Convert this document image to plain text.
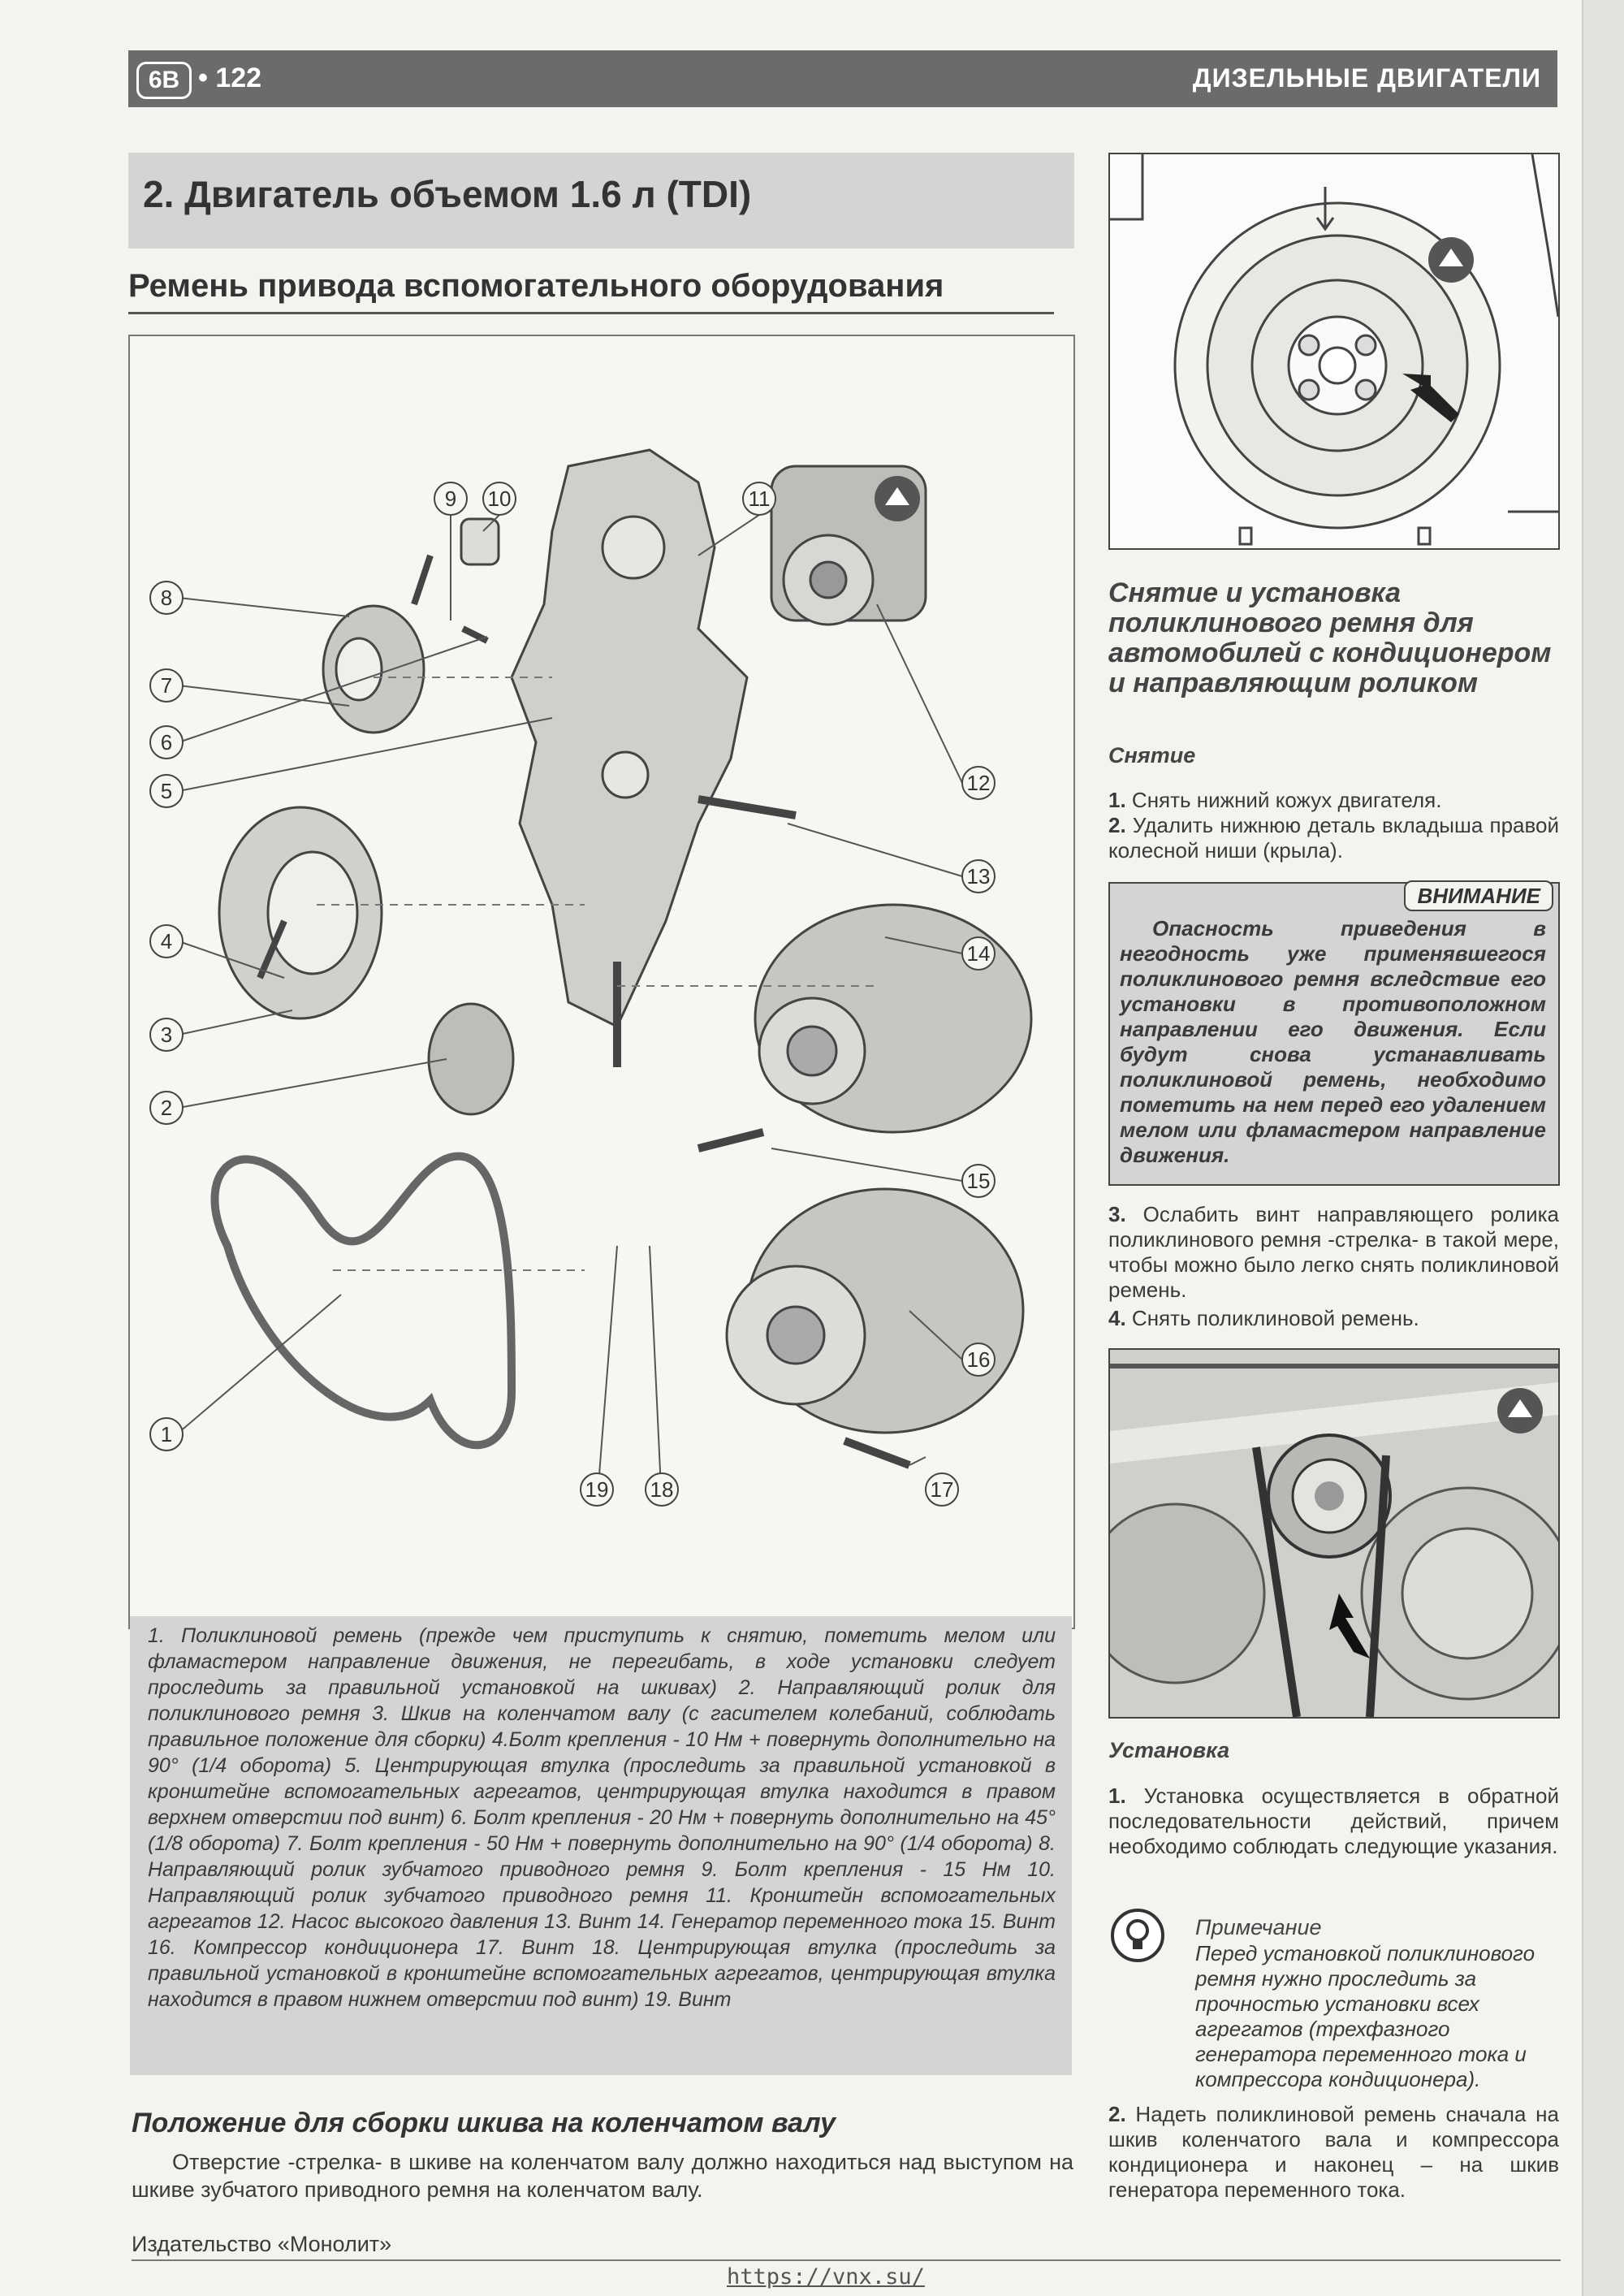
6B • 122	ДИЗЕЛЬНЫЕ ДВИГАТЕЛИ
2. Двигатель объемом 1.6 л (TDI)
Ремень привода вспомогательного оборудования
1
2
3
4
5
6
7
8
9 10	11
12
13
14
15
16
17
18
19
1. Поликлиновой ремень (прежде чем приступить к снятию, пометить мелом или фламастером направление движения, не перегибать, в ходе установки следует проследить за правильной установкой на шкивах) 2. Направляющий ролик для поликлинового ремня 3. Шкив на коленчатом валу (с гасителем колебаний, соблюдать правильное положение для сборки) 4.Болт крепления - 10 Нм + повернуть дополнительно на 90° (1/4 оборота) 5. Центрирующая втулка (проследить за правильной установкой в кронштейне вспомогательных агрегатов, центрирующая втулка находится в правом верхнем отверстии под винт) 6. Болт крепления - 20 Нм + повернуть дополнительно на 45° (1/8 оборота) 7. Болт крепления - 50 Нм + повернуть дополнительно на 90° (1/4 оборота) 8. Направляющий ролик зубчатого приводного ремня 9. Болт крепления - 15 Нм 10. Направляющий ролик зубчатого приводного ремня 11. Кронштейн вспомогательных агрегатов 12. Насос высокого давления 13. Винт 14. Генератор переменного тока 15. Винт 16. Компрессор кондиционера 17. Винт 18. Центрирующая втулка (проследить за правильной установкой в кронштейне вспомогательных агрегатов, центрирующая втулка находится в правом нижнем отверстии под винт) 19. Винт
Положение для сборки шкива на коленчатом валу
Отверстие -стрелка- в шкиве на коленчатом валу должно находиться над выступом на шкиве зубчатого приводного ремня на коленчатом валу.
Издательство «Монолит»
https://vnx.su/
Снятие и установка поликлинового ремня для автомобилей с кондиционером и направляющим роликом
Снятие
1. Снять нижний кожух двигателя.
2. Удалить нижнюю деталь вкладыша правой колесной ниши (крыла).
ВНИМАНИЕ
Опасность приведения в негодность уже применявшегося поликлинового ремня вследствие его установки в противоположном направлении его движения. Если будут снова устанавливать поликлиновой ремень, необходимо пометить на нем перед его удалением мелом или фламастером направление движения.
3. Ослабить винт направляющего ролика поликлинового ремня -стрелка- в такой мере, чтобы можно было легко снять поликлиновой ремень.
4. Снять поликлиновой ремень.
Установка
1. Установка осуществляется в обратной последовательности действий, причем необходимо соблюдать следующие указания.
Примечание
Перед установкой поликлинового ремня нужно проследить за прочностью установки всех агрегатов (трехфазного генератора переменного тока и компрессора кондиционера).
2. Надеть поликлиновой ремень сначала на шкив коленчатого вала и компрессора кондиционера и наконец – на шкив генератора переменного тока.
